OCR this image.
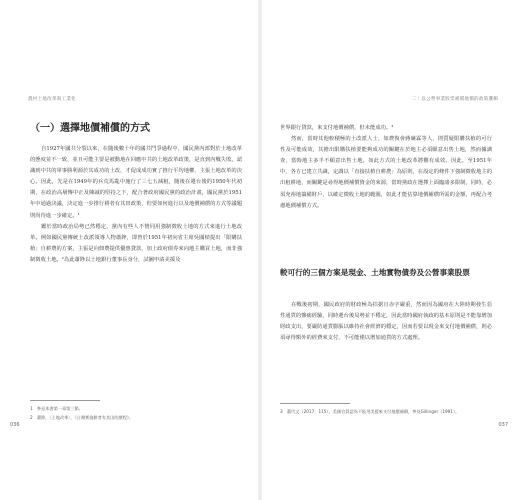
農村土地改革與工業化
（一）選擇地價補償的方式

自1927年國共分裂以來，在隨後數十年的國共鬥爭過程中，國民黨內部對於土地改革的態度並不一致，並且可能主要是被動地在回應中共的土地改革政策，是直到內戰失敗，認識到中共的軍事勝利源於其成功的土改，才促成成功實了推行平均地權，主張土地改革的決心。因此，先是在1949年的兵荒馬亂中施行了三七五減租，隨後在遷台後的1950年代初期，在政治高層傳中正及陳誠的堅持之下，配合著政府國民黨的政治計畫，國民黨於1951年中通過決議，決定進一步推行耕者有其田政策，但要如何進行以及地價補償的方式等議題則尚待進一步確定。¹

鑑於當時政治局勢已然穩定，黨內有些人不贊同用強制徵收土地的方式來進行土地改革。例如國民黨傳統土改派領導人物蕭錚，即曾於1951年初向省主席吳國楨提出「限購扶植」自耕農的方案，主張是向佃農提供優惠貸款，加上政府債券來向地主購買土地，而非強制徵收土地。²為此蕭錚以土地銀行董事長身分，試圖申請美援及

1　參見本書第一章第三節。
2　蕭錚，〈土地改革〉，《台灣實施耕者有其田的歷程》。
036
二｜以公營事業股票補償地價的政策邏輯

世界銀行貸款，來支付地價補償，但未能成功。³

然而，當時其他較積極的土改派人士，如農復會蔣廉霖等人，則質疑限購扶植的可行性及可能成效，其擔出限購扶植要能夠成功的關鍵在於地主必須願意出售土地，然而據調查，當時地主多半不願意出售土地，如此方式的土地改革將難有成效。因此，至1951年中，各方已建立共識，定調以「直接扶植自耕農」為原則，在設定的條件下強制徵收地主的出租耕地，而關鍵是尋得地價補償資金的來源，當時黨政在選擇上面臨諸多限制，同時，必須充裕地籌備財戶，以確定徵收土地的範圍，如此才能估算地價補償所需的金額，再配合考慮地價補償方式。

較可行的三個方案是現金、土地實物債券及公營事業股票

在戰後初期，國民政府的財政極為拮据且赤字嚴重，然而因為國府在大陸時期發生惡性通貨的慘痛經驗，同時遷台後局勢並不穩定，因此當時國府執政的基本原則是不能靠增加財政支出，要嚴防通貨膨脹以維持社會經濟的穩定，因而若要以現金來支付地價補償，則必須尋得額外的經費來支付，不可能僅以增加通貨的方式處理。

3　蕭代文（2017：115），美國官員認為不能用美援來支付地價補償，參見Gillinger（1991）。
037
